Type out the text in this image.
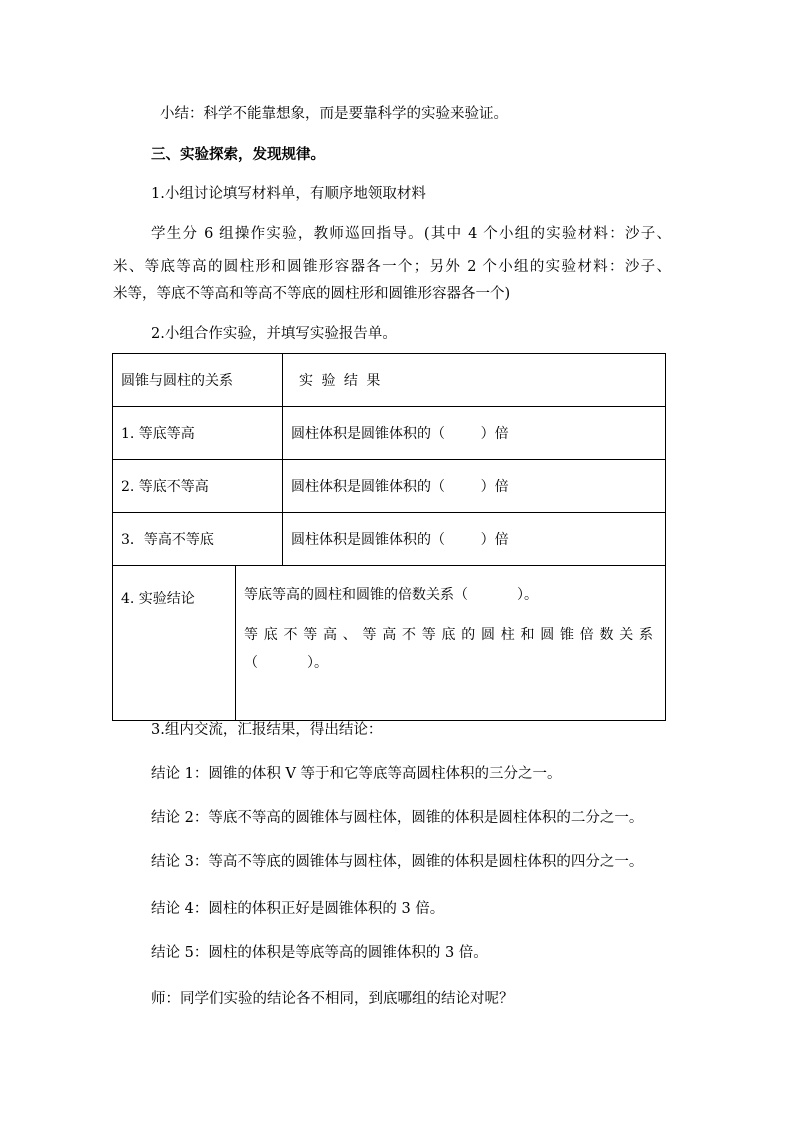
小结：科学不能靠想象，而是要靠科学的实验来验证。
三、实验探索，发现规律。
1.小组讨论填写材料单，有顺序地领取材料
学生分 6 组操作实验，教师巡回指导。(其中 4 个小组的实验材料：沙子、
米、等底等高的圆柱形和圆锥形容器各一个；另外 2 个小组的实验材料：沙子、
米等，等底不等高和等高不等底的圆柱形和圆锥形容器各一个)
2.小组合作实验，并填写实验报告单。
圆锥与圆柱的关系	实 验 结 果
1. 等底等高	圆柱体积是圆锥体积的（        ）倍
2. 等底不等高	圆柱体积是圆锥体积的（        ）倍
3．等高不等底	圆柱体积是圆锥体积的（        ）倍

4. 实验结论	等底等高的圆柱和圆锥的倍数关系（           ）。

等底不等高、等高不等底的圆柱和圆锥倍数关系

（           ）。

3.组内交流，汇报结果，得出结论：
结论 1：圆锥的体积 V 等于和它等底等高圆柱体积的三分之一。
结论 2：等底不等高的圆锥体与圆柱体，圆锥的体积是圆柱体积的二分之一。
结论 3：等高不等底的圆锥体与圆柱体，圆锥的体积是圆柱体积的四分之一。
结论 4：圆柱的体积正好是圆锥体积的 3 倍。
结论 5：圆柱的体积是等底等高的圆锥体积的 3 倍。
师：同学们实验的结论各不相同，到底哪组的结论对呢？
